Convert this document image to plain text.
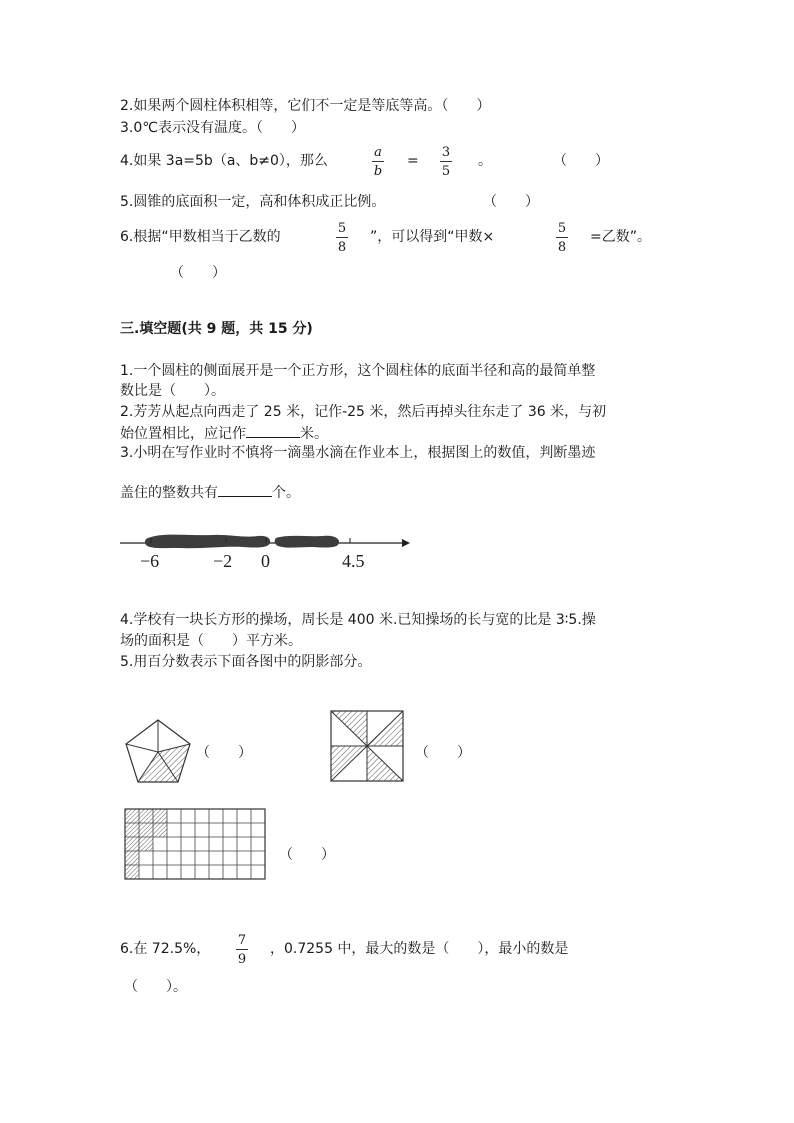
2.如果两个圆柱体积相等，它们不一定是等底等高。（　　）
3.0℃表示没有温度。（　　）
4.如果 3a=5b（a、b≠0），那么
a
b
=
3
5
。	（　　）
5.圆锥的底面积一定，高和体积成正比例。	（　　）
6.根据“甲数相当于乙数的
5
8
”，可以得到“甲数×
5
8
=乙数”。
（　　）
三.填空题(共 9 题，共 15 分)
1.一个圆柱的侧面展开是一个正方形，这个圆柱体的底面半径和高的最简单整
数比是（　　）。
2.芳芳从起点向西走了 25 米，记作-25 米，然后再掉头往东走了 36 米，与初
始位置相比，应记作	米。
3.小明在写作业时不慎将一滴墨水滴在作业本上，根据图上的数值，判断墨迹
盖住的整数共有	个。
−6	−2 0	4.5
4.学校有一块长方形的操场，周长是 400 米.已知操场的长与宽的比是 3∶5.操
场的面积是（　　）平方米。
5.用百分数表示下面各图中的阴影部分。
（　　）	（　　）
（　　）
6.在 72.5%，
7
9
，0.7255 中，最大的数是（　　），最小的数是
（　　）。
